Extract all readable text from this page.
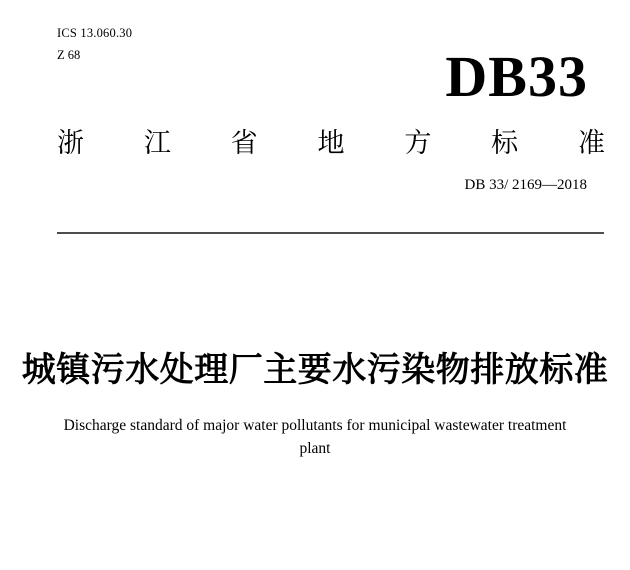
ICS 13.060.30
Z 68	DB33
浙 江 省 地 方 标 准
DB 33/ 2169—2018
城镇污水处理厂主要水污染物排放标准
Discharge standard of major water pollutants for municipal wastewater treatment
plant
